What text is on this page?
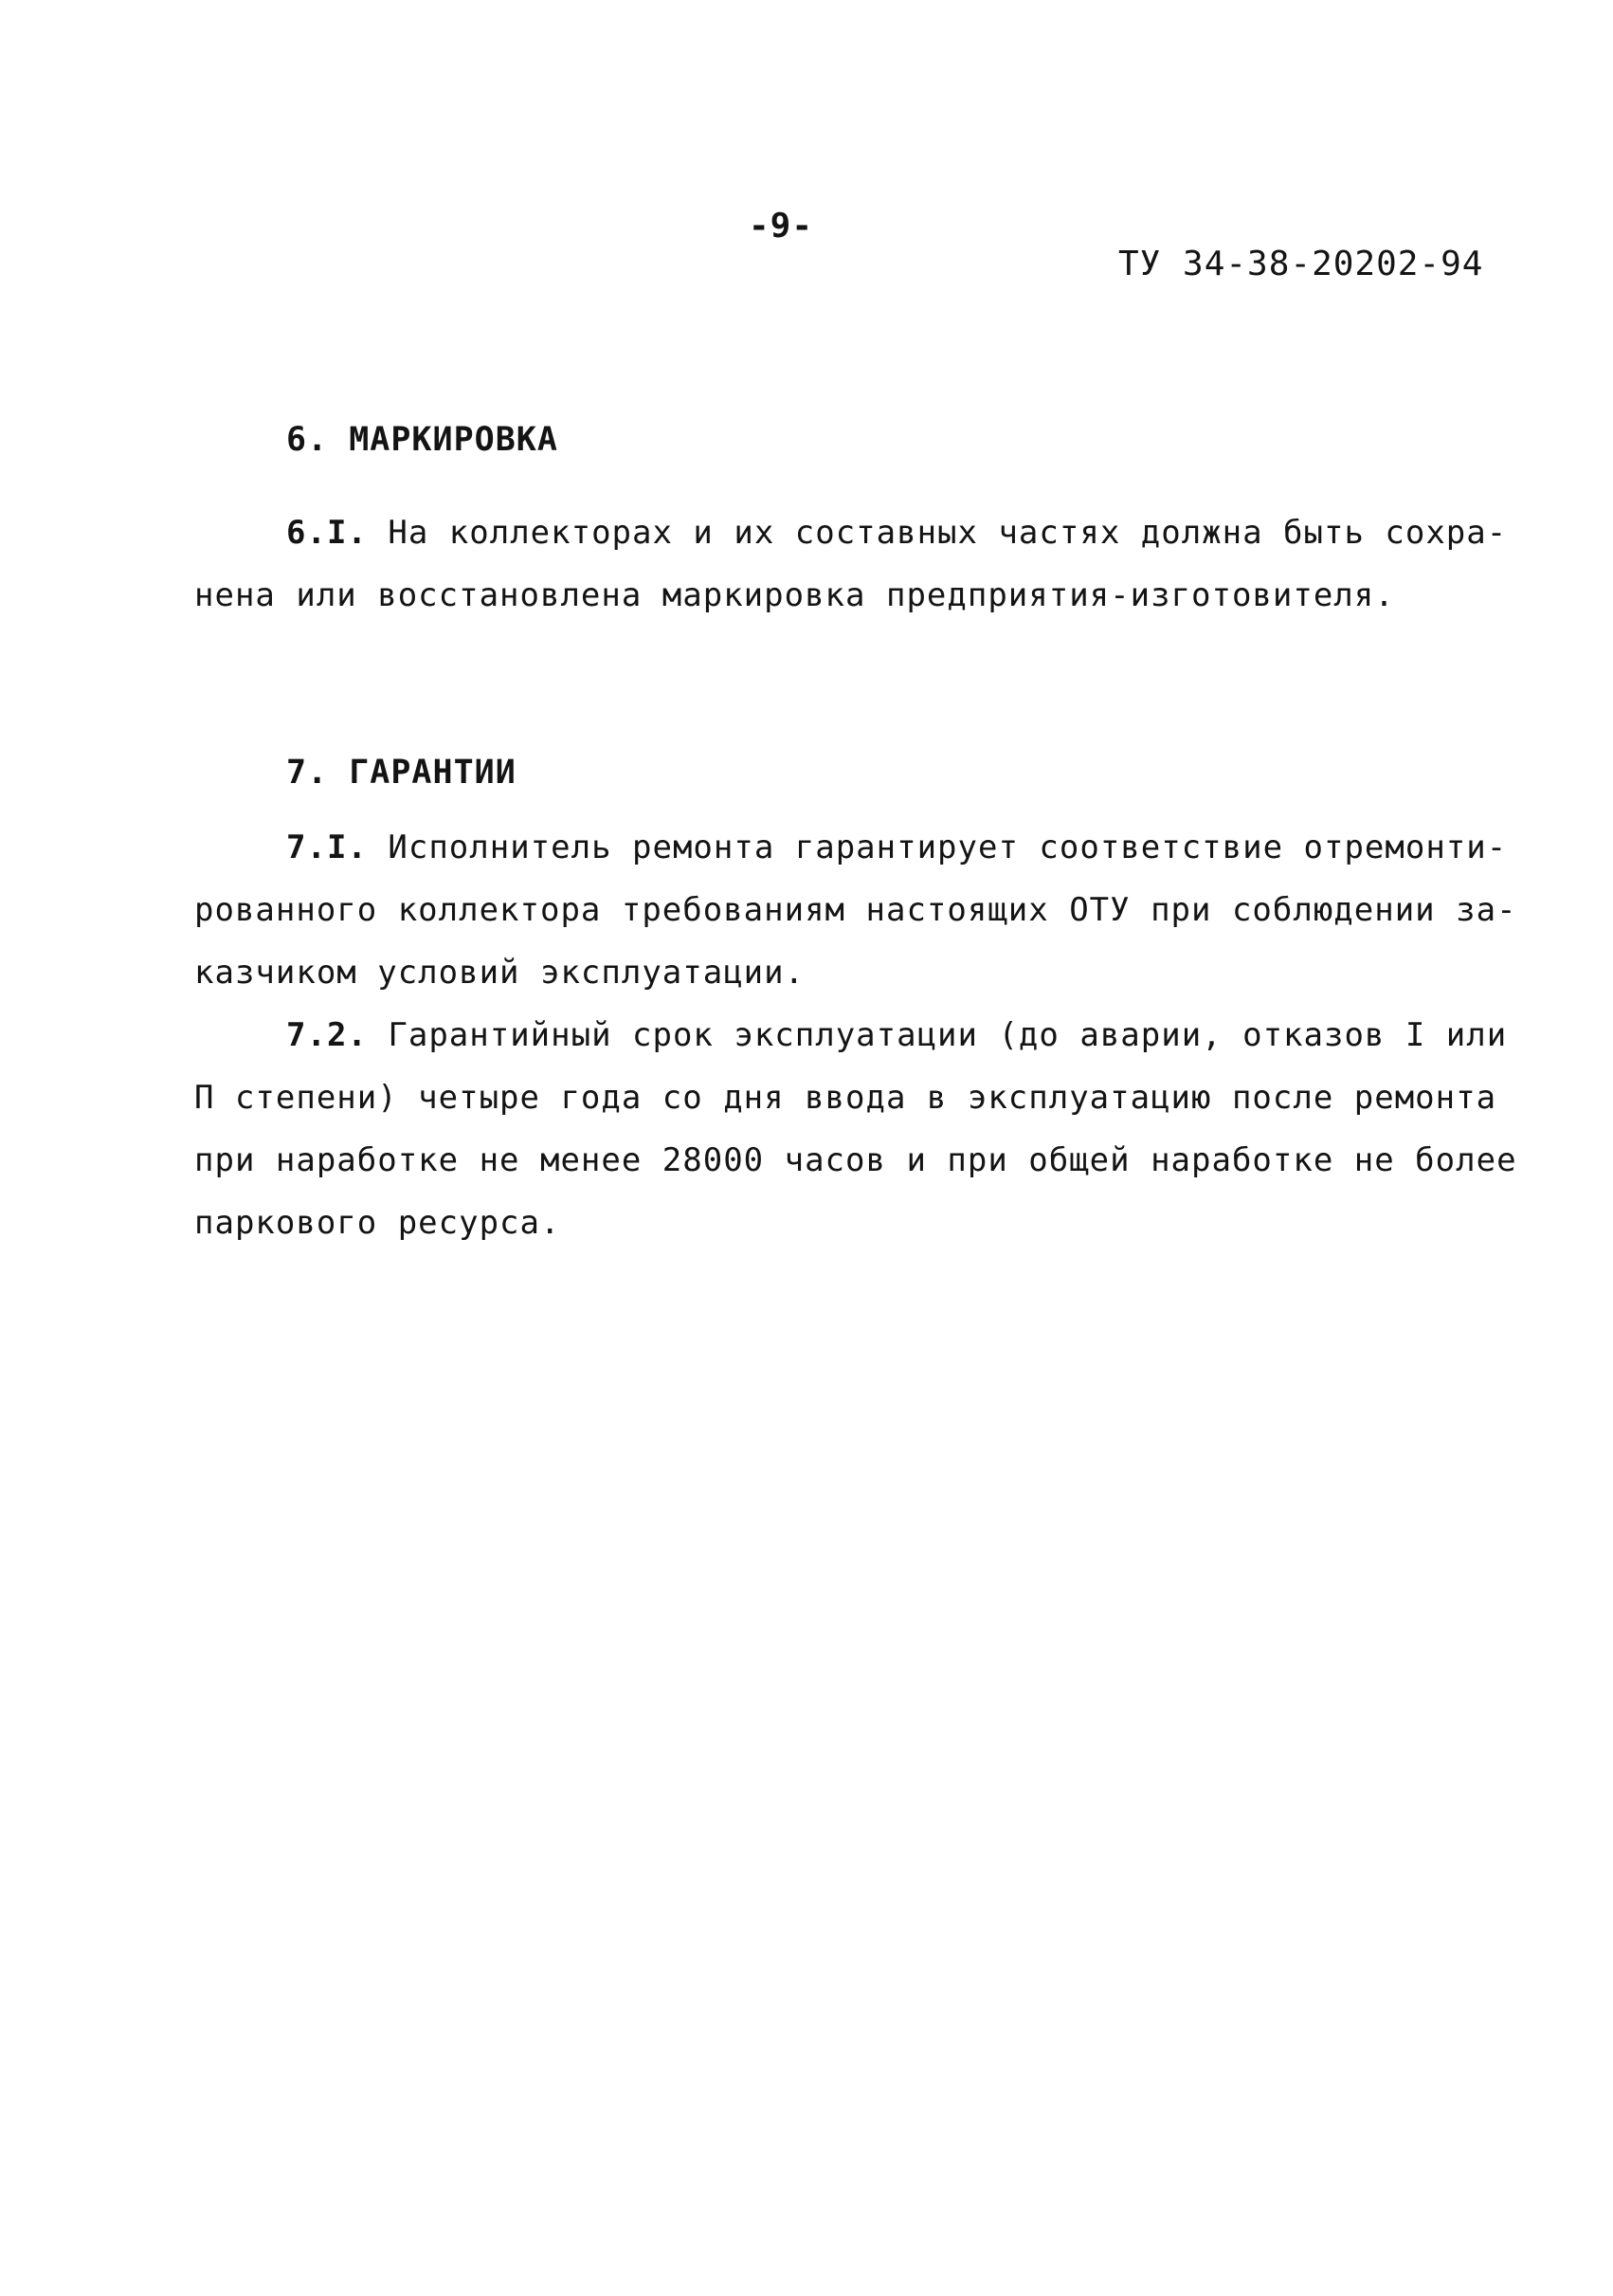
-9-
ТУ 34-38-20202-94
6. МАРКИРОВКА
6.I. На коллекторах и их составных частях должна быть сохра-
нена или восстановлена маркировка предприятия-изготовителя.
7. ГАРАНТИИ
7.I. Исполнитель ремонта гарантирует соответствие отремонти-
рованного коллектора требованиям настоящих ОТУ при соблюдении за-
казчиком условий эксплуатации.
7.2. Гарантийный срок эксплуатации (до аварии, отказов I или
П степени) четыре года со дня ввода в эксплуатацию после ремонта
при наработке не менее 28000 часов и при общей наработке не более
паркового ресурса.
